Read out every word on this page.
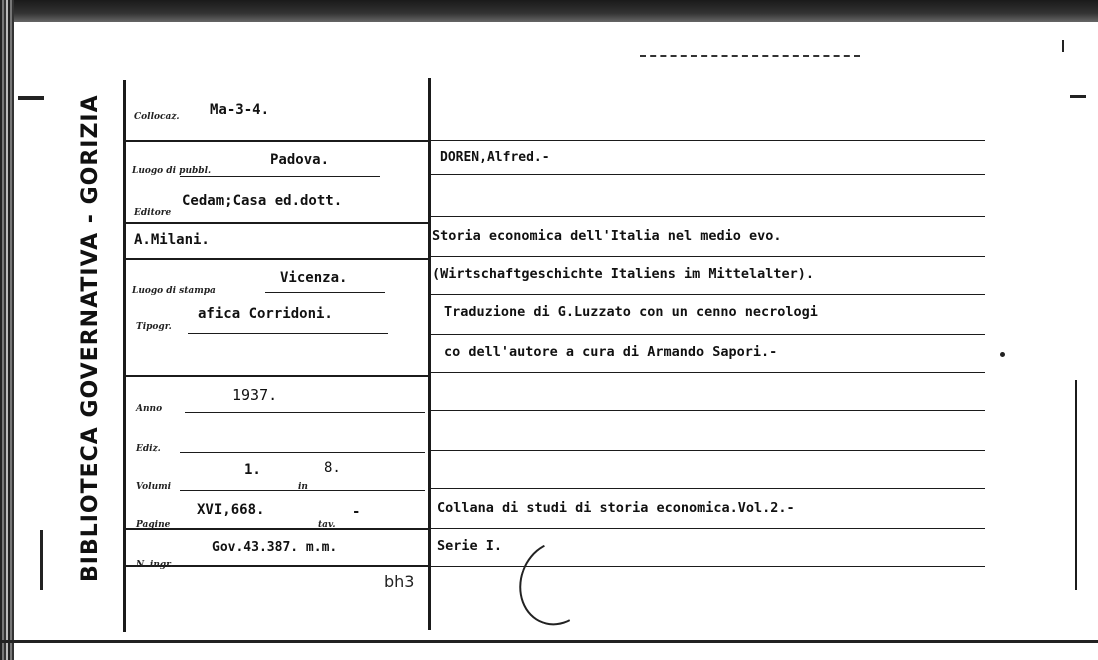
BIBLIOTECA GOVERNATIVA - GORIZIA	Collocaz. Ma-3-4.
Luogo di pubbl.
Padova.
Editore
Cedam;Casa ed.dott.
A.Milani.
Luogo di stampa
Vicenza.
Tipogr.
afica Corridoni.
Anno
1937.
Ediz.
Volumi
1.
in
8.
Pagine
XVI,668.
tav.
-
N. ingr.
Gov.43.387. m.m.
bh3
DOREN,Alfred.-
Storia economica dell'Italia nel medio evo.
(Wirtschaftgeschichte Italiens im Mittelalter).
Traduzione di G.Luzzato con un cenno necrologi
co dell'autore a cura di Armando Sapori.-
Collana di studi di storia economica.Vol.2.-
Serie I.
